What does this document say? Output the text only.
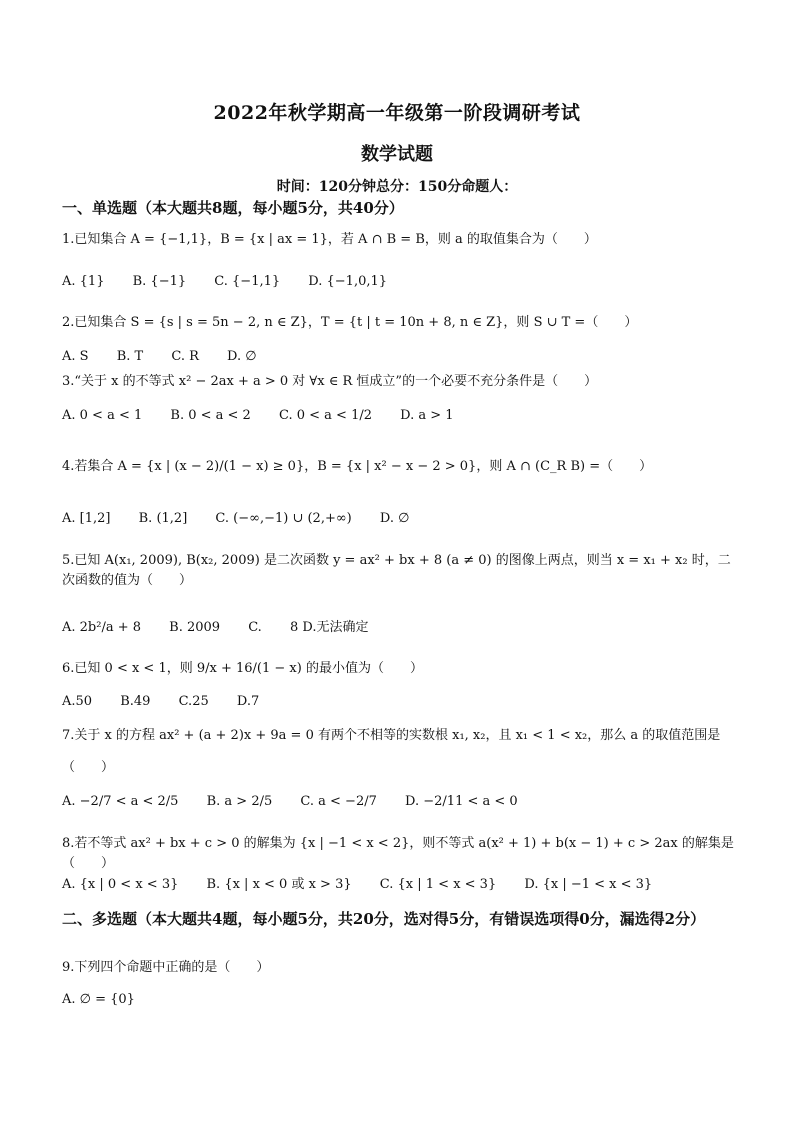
2022年秋学期高一年级第一阶段调研考试
数学试题
时间：120分钟总分：150分命题人：
一、单选题（本大题共8题，每小题5分，共40分）
1.已知集合 A = {−1,1}，B = {x | ax = 1}，若 A ∩ B = B，则 a 的取值集合为（　　）
A. {1} B. {−1} C. {−1,1} D. {−1,0,1}
2.已知集合 S = {s | s = 5n − 2, n ∈ Z}，T = {t | t = 10n + 8, n ∈ Z}，则 S ∪ T =（　　）
A. S B. T C. R D. ∅
3.“关于 x 的不等式 x² − 2ax + a > 0 对 ∀x ∈ R 恒成立”的一个必要不充分条件是（　　）
A. 0 < a < 1 B. 0 < a < 2 C. 0 < a < 1/2 D. a > 1
4.若集合 A = {x | (x − 2)/(1 − x) ≥ 0}，B = {x | x² − x − 2 > 0}，则 A ∩ (C_R B) =（　　）
A. [1,2] B. (1,2] C. (−∞,−1) ∪ (2,+∞) D. ∅
5.已知 A(x₁, 2009), B(x₂, 2009) 是二次函数 y = ax² + bx + 8 (a ≠ 0) 的图像上两点，则当 x = x₁ + x₂ 时，二次函数的值为（　　）
A. 2b²/a + 8 B. 2009 C. 8 D.无法确定
6.已知 0 < x < 1，则 9/x + 16/(1 − x) 的最小值为（　　）
A.50 B.49 C.25 D.7
7.关于 x 的方程 ax² + (a + 2)x + 9a = 0 有两个不相等的实数根 x₁, x₂，且 x₁ < 1 < x₂，那么 a 的取值范围是
（　　）
A. −2/7 < a < 2/5 B. a > 2/5 C. a < −2/7 D. −2/11 < a < 0
8.若不等式 ax² + bx + c > 0 的解集为 {x | −1 < x < 2}，则不等式 a(x² + 1) + b(x − 1) + c > 2ax 的解集是（　　）
A. {x | 0 < x < 3} B. {x | x < 0 或 x > 3} C. {x | 1 < x < 3} D. {x | −1 < x < 3}
二、多选题（本大题共4题，每小题5分，共20分，选对得5分，有错误选项得0分，漏选得2分）
9.下列四个命题中正确的是（　　）
A. ∅ = {0}
